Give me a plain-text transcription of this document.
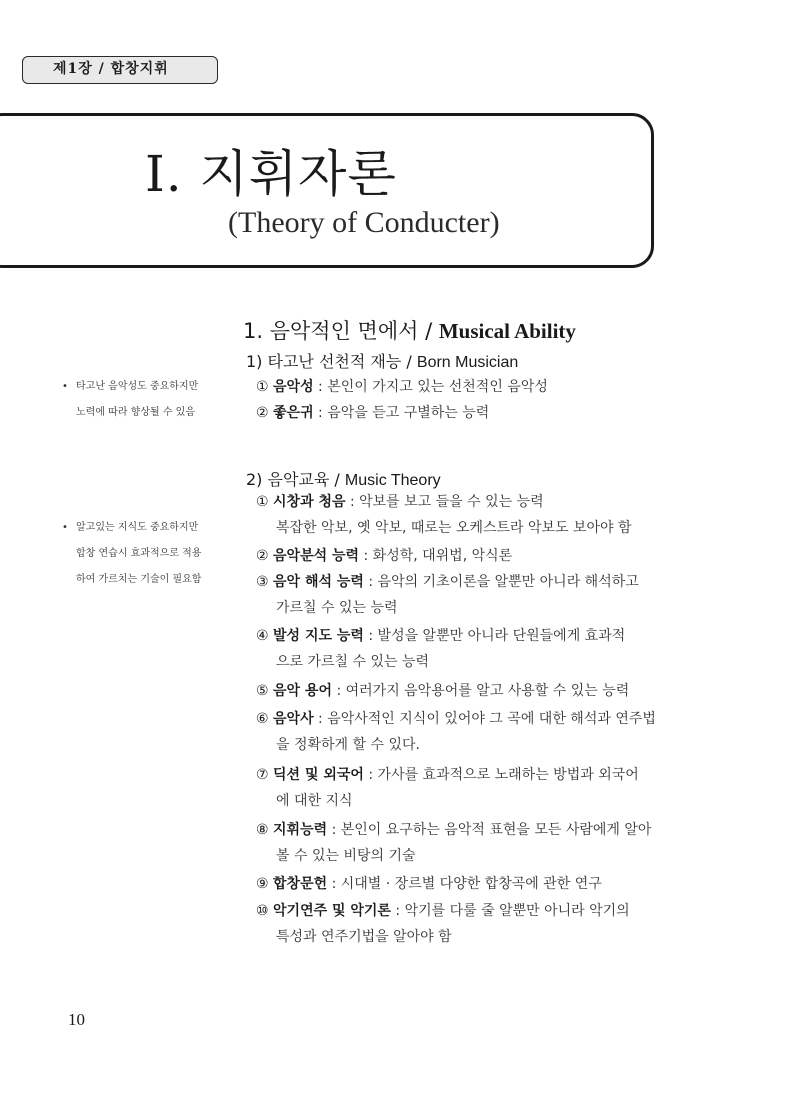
제1장 / 합창지휘
Ⅰ. 지휘자론
(Theory of Conducter)
1. 음악적인 면에서 / Musical Ability
1) 타고난 선천적 재능 / Born Musician
① 음악성 : 본인이 가지고 있는 선천적인 음악성
② 좋은귀 : 음악을 듣고 구별하는 능력
2) 음악교육 / Music Theory
① 시창과 청음 : 악보를 보고 들을 수 있는 능력
복잡한 악보, 옛 악보, 때로는 오케스트라 악보도 보아야 함
② 음악분석 능력 : 화성학, 대위법, 악식론
③ 음악 해석 능력 : 음악의 기초이론을 알뿐만 아니라 해석하고
가르칠 수 있는 능력
④ 발성 지도 능력 : 발성을 알뿐만 아니라 단원들에게 효과적
으로 가르칠 수 있는 능력
⑤ 음악 용어 : 여러가지 음악용어를 알고 사용할 수 있는 능력
⑥ 음악사 : 음악사적인 지식이 있어야 그 곡에 대한 해석과 연주법
을 정확하게 할 수 있다.
⑦ 딕션 및 외국어 : 가사를 효과적으로 노래하는 방법과 외국어
에 대한 지식
⑧ 지휘능력 : 본인이 요구하는 음악적 표현을 모든 사람에게 알아
볼 수 있는 비탕의 기술
⑨ 합창문헌 : 시대별 · 장르별 다양한 합창곡에 관한 연구
⑩ 악기연주 및 악기론 : 악기를 다룰 줄 알뿐만 아니라 악기의
특성과 연주기법을 알아야 함
• 타고난 음악성도 중요하지만
노력에 따라 향상될 수 있음
• 알고있는 지식도 중요하지만
합창 연습시 효과적으로 적용
하여 가르치는 기술이 필요함
10
